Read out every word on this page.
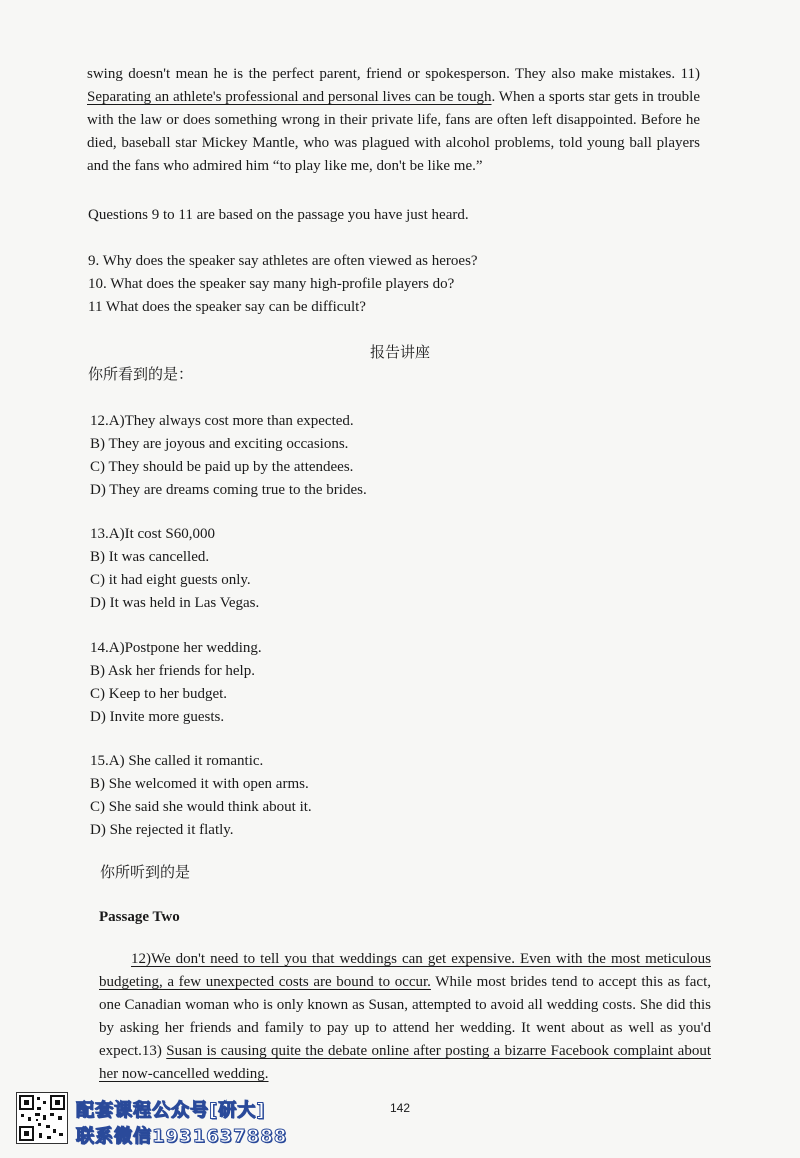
swing doesn't mean he is the perfect parent, friend or spokesperson. They also make mistakes. 11) Separating an athlete's professional and personal lives can be tough. When a sports star gets in trouble with the law or does something wrong in their private life, fans are often left disappointed. Before he died, baseball star Mickey Mantle, who was plagued with alcohol problems, told young ball players and the fans who admired him “to play like me, don't be like me.”
Questions 9 to 11 are based on the passage you have just heard.
9. Why does the speaker say athletes are often viewed as heroes?
10. What does the speaker say many high-profile players do?
11 What does the speaker say can be difficult?
报告讲座
你所看到的是：
12.A)They always cost more than expected.
B) They are joyous and exciting occasions.
C) They should be paid up by the attendees.
D) They are dreams coming true to the brides.
13.A)It cost S60,000
B) It was cancelled.
C) it had eight guests only.
D) It was held in Las Vegas.
14.A)Postpone her wedding.
B) Ask her friends for help.
C) Keep to her budget.
D) Invite more guests.
15.A) She called it romantic.
B) She welcomed it with open arms.
C) She said she would think about it.
D) She rejected it flatly.
你所听到的是
Passage Two
12)We don't need to tell you that weddings can get expensive. Even with the most meticulous budgeting, a few unexpected costs are bound to occur. While most brides tend to accept this as fact, one Canadian woman who is only known as Susan, attempted to avoid all wedding costs. She did this by asking her friends and family to pay up to attend her wedding. It went about as well as you'd expect.13) Susan is causing quite the debate online after posting a bizarre Facebook complaint about her now-cancelled wedding.
142
配套课程公众号[研大]
联系微信1931637888
